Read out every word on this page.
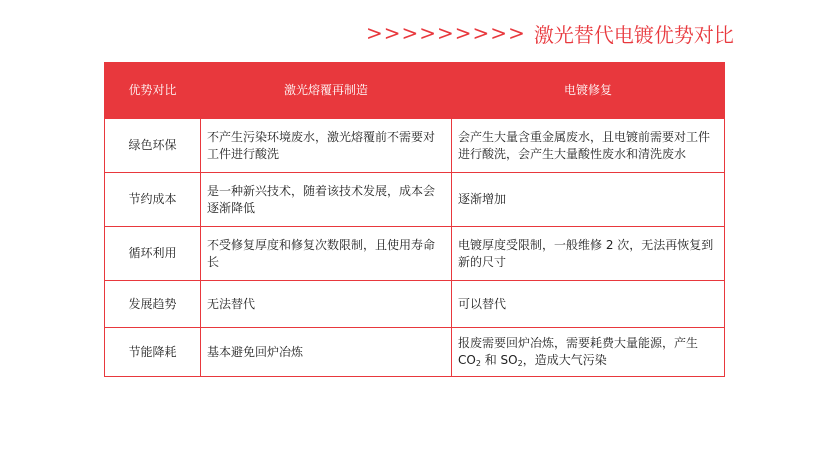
>>>>>>>>> 激光替代电镀优势对比
优势对比	激光熔覆再制造	电镀修复
绿色环保	不产生污染环境废水，激光熔覆前不需要对工件进行酸洗	会产生大量含重金属废水，且电镀前需要对工件进行酸洗，会产生大量酸性废水和清洗废水
节约成本	是一种新兴技术，随着该技术发展，成本会逐渐降低	逐渐增加
循环利用	不受修复厚度和修复次数限制，且使用寿命长	电镀厚度受限制，一般维修 2 次，无法再恢复到新的尺寸
发展趋势	无法替代	可以替代
节能降耗	基本避免回炉冶炼	报废需要回炉冶炼，需要耗费大量能源，产生 $CO_2$ 和 $SO_2$，造成大气污染
